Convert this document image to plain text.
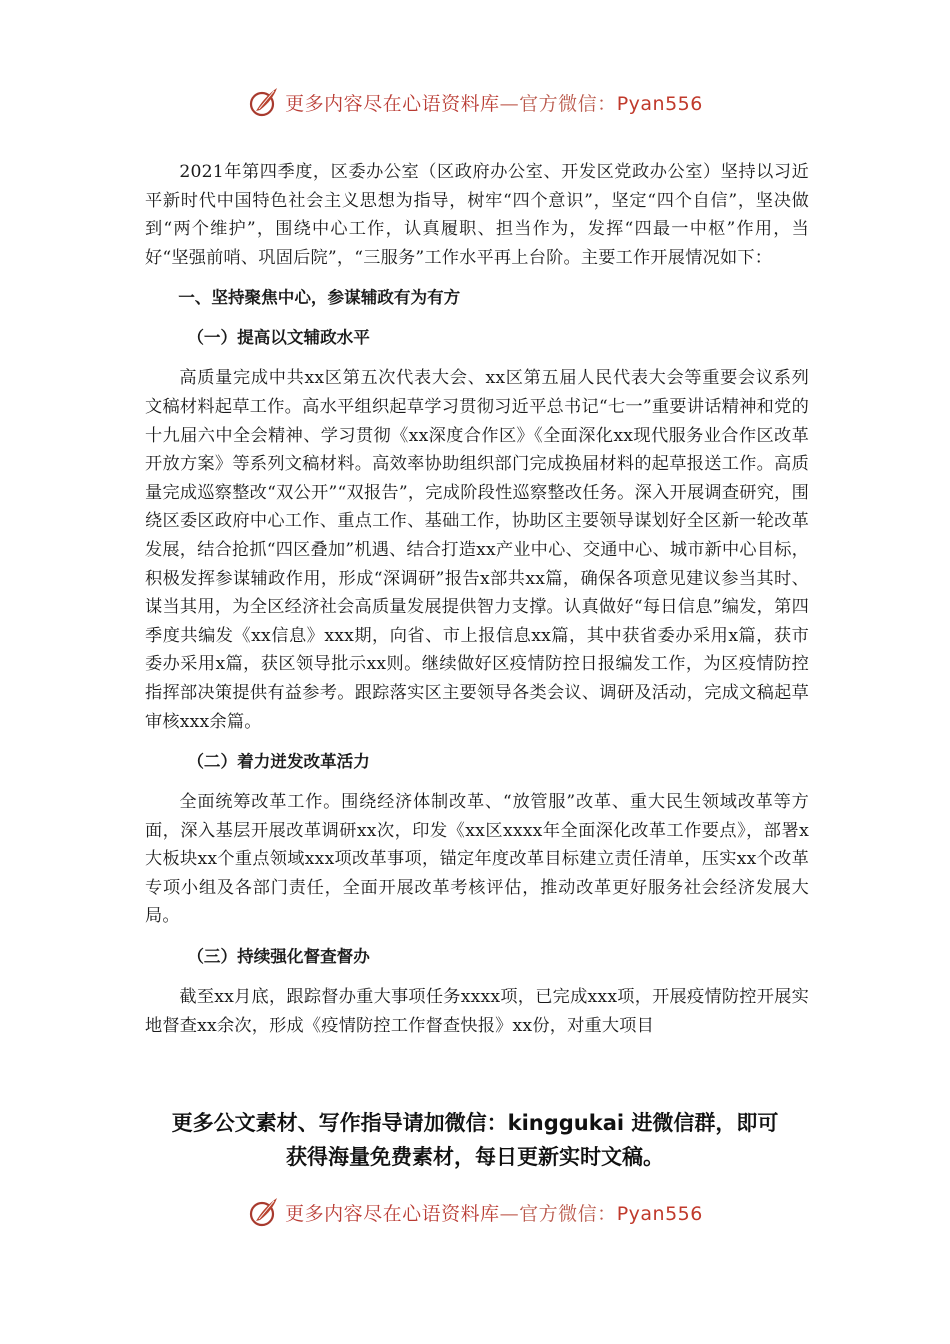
更多内容尽在心语资料库—官方微信：Pyan556

2021年第四季度，区委办公室（区政府办公室、开发区党政办公室）坚持以习近平新时代中国特色社会主义思想为指导，树牢“四个意识”，坚定“四个自信”，坚决做到“两个维护”，围绕中心工作，认真履职、担当作为，发挥“四最一中枢”作用，当好“坚强前哨、巩固后院”，“三服务”工作水平再上台阶。主要工作开展情况如下：

一、坚持聚焦中心，参谋辅政有为有方
（一）提高以文辅政水平

高质量完成中共xx区第五次代表大会、xx区第五届人民代表大会等重要会议系列文稿材料起草工作。高水平组织起草学习贯彻习近平总书记“七一”重要讲话精神和党的十九届六中全会精神、学习贯彻《xx深度合作区》《全面深化xx现代服务业合作区改革开放方案》等系列文稿材料。高效率协助组织部门完成换届材料的起草报送工作。高质量完成巡察整改“双公开”“双报告”，完成阶段性巡察整改任务。深入开展调查研究，围绕区委区政府中心工作、重点工作、基础工作，协助区主要领导谋划好全区新一轮改革发展，结合抢抓“四区叠加”机遇、结合打造xx产业中心、交通中心、城市新中心目标，积极发挥参谋辅政作用，形成“深调研”报告x部共xx篇，确保各项意见建议参当其时、谋当其用，为全区经济社会高质量发展提供智力支撑。认真做好“每日信息”编发，第四季度共编发《xx信息》xxx期，向省、市上报信息xx篇，其中获省委办采用x篇，获市委办采用x篇，获区领导批示xx则。继续做好区疫情防控日报编发工作，为区疫情防控指挥部决策提供有益参考。跟踪落实区主要领导各类会议、调研及活动，完成文稿起草审核xxx余篇。

（二）着力迸发改革活力

全面统筹改革工作。围绕经济体制改革、“放管服”改革、重大民生领域改革等方面，深入基层开展改革调研xx次，印发《xx区xxxx年全面深化改革工作要点》，部署x大板块xx个重点领域xxx项改革事项，锚定年度改革目标建立责任清单，压实xx个改革专项小组及各部门责任，全面开展改革考核评估，推动改革更好服务社会经济发展大局。

（三）持续强化督查督办

截至xx月底，跟踪督办重大事项任务xxxx项，已完成xxx项，开展疫情防控开展实地督查xx余次，形成《疫情防控工作督查快报》xx份，对重大项目

更多公文素材、写作指导请加微信：kinggukai 进微信群，即可
获得海量免费素材，每日更新实时文稿。
更多内容尽在心语资料库—官方微信：Pyan556
